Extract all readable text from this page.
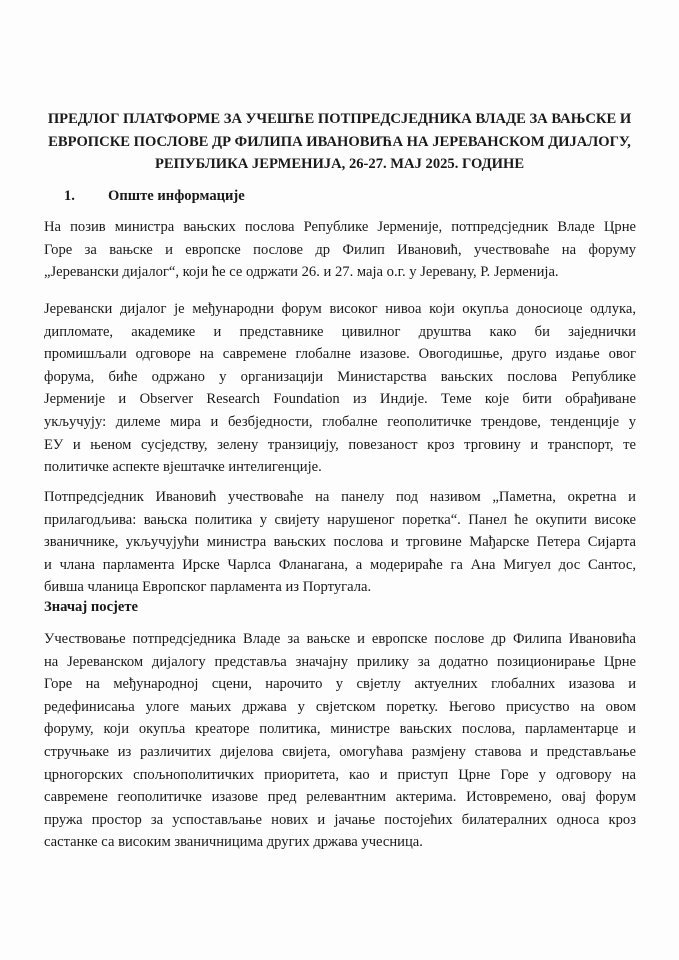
ПРЕДЛОГ ПЛАТФОРМЕ ЗА УЧЕШЋЕ ПОТПРЕДСЈЕДНИКА ВЛАДЕ ЗА ВАЊСКЕ И
ЕВРОПСКЕ ПОСЛОВЕ ДР ФИЛИПА ИВАНОВИЋА НА ЈЕРЕВАНСКОМ ДИЈАЛОГУ,
РЕПУБЛИКА ЈЕРМЕНИЈА, 26-27. МАЈ 2025. ГОДИНЕ
1. Опште информације
На позив министра вањских послова Републике Јерменије, потпредсједник Владе Црне
Горе за вањске и европске послове др Филип Ивановић, учествоваће на форуму
„Јеревански дијалог“, који ће се одржати 26. и 27. маја о.г. у Јеревану, Р. Јерменија.
Јеревански дијалог је међународни форум високог нивоа који окупља доносиоце одлука,
дипломате, академике и представнике цивилног друштва како би заједнички
промишљали одговоре на савремене глобалне изазове. Овогодишње, друго издање овог
форума, биће одржано у организацији Министарства вањских послова Републике
Јерменије и Observer Research Foundation из Индије. Теме које бити обрађиване
укључују: дилеме мира и безбједности, глобалне геополитичке трендове, тенденције у
ЕУ и њеном сусједству, зелену транзицију, повезаност кроз трговину и транспорт, те
политичке аспекте вјештачке интелигенције.
Потпредсједник Ивановић учествоваће на панелу под називом „Паметна, окретна и
прилагодљива: вањска политика у свијету нарушеног поретка“. Панел ће окупити високе
званичнике, укључујући министра вањских послова и трговине Мађарске Петера Сијарта
и члана парламента Ирске Чарлса Фланагана, а модерираће га Ана Мигуел дос Сантос,
бивша чланица Европског парламента из Португала.
Значај посјете
Учествовање потпредсједника Владе за вањске и европске послове др Филипа Ивановића
на Јереванском дијалогу представља значајну прилику за додатно позиционирање Црне
Горе на међународној сцени, нарочито у свјетлу актуелних глобалних изазова и
редефинисања улоге мањих држава у свјетском поретку. Његово присуство на овом
форуму, који окупља креаторе политика, министре вањских послова, парламентарце и
стручњаке из различитих дијелова свијета, омогућава размјену ставова и представљање
црногорских спољнополитичких приоритета, као и приступ Црне Горе у одговору на
савремене геополитичке изазове пред релевантним актерима. Истовремено, овај форум
пружа простор за успостављање нових и јачање постојећих билатералних односа кроз
састанке са високим званичницима других држава учесница.
